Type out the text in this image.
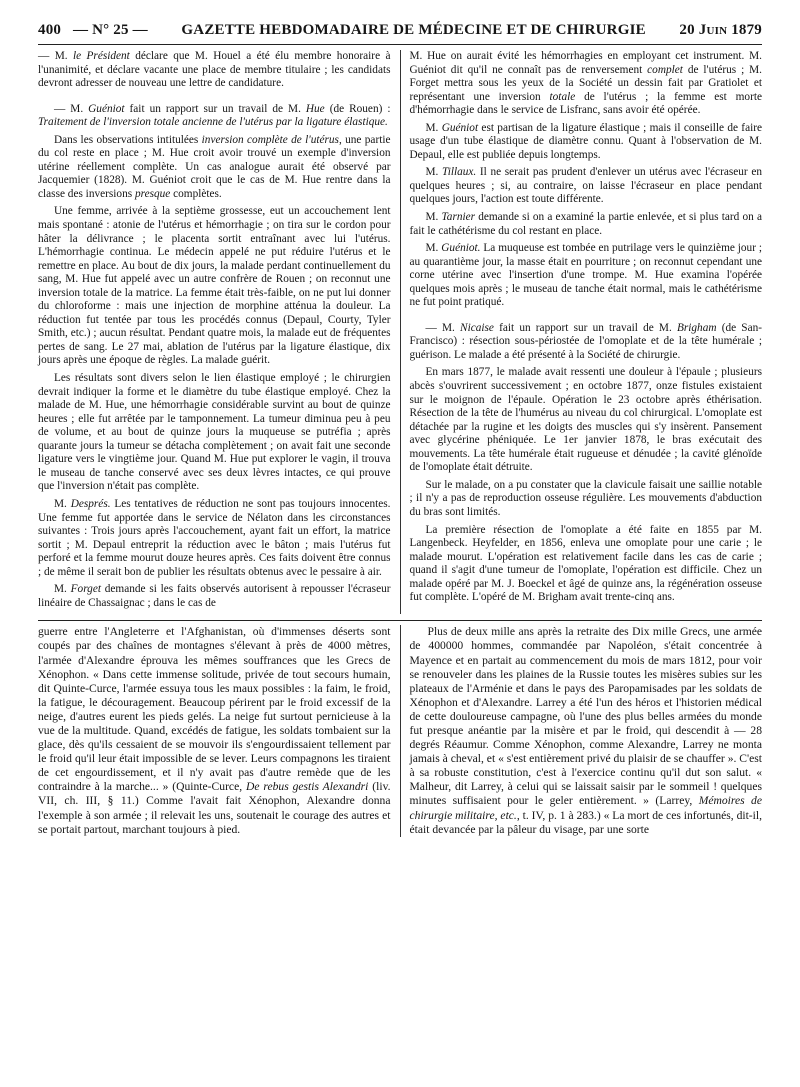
400 — N° 25 —	GAZETTE HEBDOMADAIRE DE MÉDECINE ET DE CHIRURGIE	20 Juin 1879

— M. le Président déclare que M. Houel a été élu membre honoraire à l'unanimité, et déclare vacante une place de membre titulaire ; les candidats devront adresser de nouveau une lettre de candidature.

— M. Guéniot fait un rapport sur un travail de M. Hue (de Rouen) : Traitement de l'inversion totale ancienne de l'utérus par la ligature élastique.

Dans les observations intitulées inversion complète de l'utérus, une partie du col reste en place ; M. Hue croit avoir trouvé un exemple d'inversion utérine réellement complète. Un cas analogue aurait été observé par Jacquemier (1828). M. Guéniot croit que le cas de M. Hue rentre dans la classe des inversions presque complètes.

Une femme, arrivée à la septième grossesse, eut un accouchement lent mais spontané : atonie de l'utérus et hémorrhagie ; on tira sur le cordon pour hâter la délivrance ; le placenta sortit entraînant avec lui l'utérus. L'hémorrhagie continua. Le médecin appelé ne put réduire l'utérus et le remettre en place. Au bout de dix jours, la malade perdant continuellement du sang, M. Hue fut appelé avec un autre confrère de Rouen ; on reconnut une inversion totale de la matrice. La femme était très-faible, on ne put lui donner du chloroforme : mais une injection de morphine atténua la douleur. La réduction fut tentée par tous les procédés connus (Depaul, Courty, Tyler Smith, etc.) ; aucun résultat. Pendant quatre mois, la malade eut de fréquentes pertes de sang. Le 27 mai, ablation de l'utérus par la ligature élastique, dix jours après une époque de règles. La malade guérit.

Les résultats sont divers selon le lien élastique employé ; le chirurgien devrait indiquer la forme et le diamètre du tube élastique employé. Chez la malade de M. Hue, une hémorrhagie considérable survint au bout de quinze heures ; elle fut arrêtée par le tamponnement. La tumeur diminua peu à peu de volume, et au bout de quinze jours la muqueuse se putréfia ; après quarante jours la tumeur se détacha complètement ; on avait fait une seconde ligature vers le vingtième jour. Quand M. Hue put explorer le vagin, il trouva le museau de tanche conservé avec ses deux lèvres intactes, ce qui prouve que l'inversion n'était pas complète.

M. Després. Les tentatives de réduction ne sont pas toujours innocentes. Une femme fut apportée dans le service de Nélaton dans les circonstances suivantes : Trois jours après l'accouchement, ayant fait un effort, la matrice sortit ; M. Depaul entreprit la réduction avec le bâton ; mais l'utérus fut perforé et la femme mourut douze heures après. Ces faits doivent être connus ; de même il serait bon de publier les résultats obtenus avec le pessaire à air.

M. Forget demande si les faits observés autorisent à repousser l'écraseur linéaire de Chassaignac ; dans le cas de

M. Hue on aurait évité les hémorrhagies en employant cet instrument. M. Guéniot dit qu'il ne connaît pas de renversement complet de l'utérus ; M. Forget mettra sous les yeux de la Société un dessin fait par Gratiolet et représentant une inversion totale de l'utérus ; la femme est morte d'hémorrhagie dans le service de Lisfranc, sans avoir été opérée.

M. Guéniot est partisan de la ligature élastique ; mais il conseille de faire usage d'un tube élastique de diamètre connu. Quant à l'observation de M. Depaul, elle est publiée depuis longtemps.

M. Tillaux. Il ne serait pas prudent d'enlever un utérus avec l'écraseur en quelques heures ; si, au contraire, on laisse l'écraseur en place pendant quelques jours, l'action est toute différente.

M. Tarnier demande si on a examiné la partie enlevée, et si plus tard on a fait le cathétérisme du col restant en place.

M. Guéniot. La muqueuse est tombée en putrilage vers le quinzième jour ; au quarantième jour, la masse était en pourriture ; on reconnut cependant une corne utérine avec l'insertion d'une trompe. M. Hue examina l'opérée quelques mois après ; le museau de tanche était normal, mais le cathétérisme ne fut point pratiqué.

— M. Nicaise fait un rapport sur un travail de M. Brigham (de San-Francisco) : résection sous-périostée de l'omoplate et de la tête humérale ; guérison. Le malade a été présenté à la Société de chirurgie.

En mars 1877, le malade avait ressenti une douleur à l'épaule ; plusieurs abcès s'ouvrirent successivement ; en octobre 1877, onze fistules existaient sur le moignon de l'épaule. Opération le 23 octobre après éthérisation. Résection de la tête de l'humérus au niveau du col chirurgical. L'omoplate est détachée par la rugine et les doigts des muscles qui s'y insèrent. Pansement avec glycérine phéniquée. Le 1er janvier 1878, le bras exécutait des mouvements. La tête humérale était rugueuse et dénudée ; la cavité glénoïde de l'omoplate était détruite.

Sur le malade, on a pu constater que la clavicule faisait une saillie notable ; il n'y a pas de reproduction osseuse régulière. Les mouvements d'abduction du bras sont limités.

La première résection de l'omoplate a été faite en 1855 par M. Langenbeck. Heyfelder, en 1856, enleva une omoplate pour une carie ; le malade mourut. L'opération est relativement facile dans les cas de carie ; quand il s'agit d'une tumeur de l'omoplate, l'opération est difficile. Chez un malade opéré par M. J. Boeckel et âgé de quinze ans, la régénération osseuse fut complète. L'opéré de M. Brigham avait trente-cinq ans.

guerre entre l'Angleterre et l'Afghanistan, où d'immenses déserts sont coupés par des chaînes de montagnes s'élevant à près de 4000 mètres, l'armée d'Alexandre éprouva les mêmes souffrances que les Grecs de Xénophon. « Dans cette immense solitude, privée de tout secours humain, dit Quinte-Curce, l'armée essuya tous les maux possibles : la faim, le froid, la fatigue, le découragement. Beaucoup périrent par le froid excessif de la neige, d'autres eurent les pieds gelés. La neige fut surtout pernicieuse à la vue de la multitude. Quand, excédés de fatigue, les soldats tombaient sur la glace, dès qu'ils cessaient de se mouvoir ils s'engourdissaient tellement par le froid qu'il leur était impossible de se lever. Leurs compagnons les tiraient de cet engourdissement, et il n'y avait pas d'autre remède que de les contraindre à la marche... » (Quinte-Curce, De rebus gestis Alexandri (liv. VII, ch. III, § 11.) Comme l'avait fait Xénophon, Alexandre donna l'exemple à son armée ; il relevait les uns, soutenait le courage des autres et se portait partout, marchant toujours à pied.

Plus de deux mille ans après la retraite des Dix mille Grecs, une armée de 400000 hommes, commandée par Napoléon, s'était concentrée à Mayence et en partait au commencement du mois de mars 1812, pour voir se renouveler dans les plaines de la Russie toutes les misères subies sur les plateaux de l'Arménie et dans le pays des Paropamisades par les soldats de Xénophon et d'Alexandre. Larrey a été l'un des héros et l'historien médical de cette douloureuse campagne, où l'une des plus belles armées du monde fut presque anéantie par la misère et par le froid, qui descendit à — 28 degrés Réaumur. Comme Xénophon, comme Alexandre, Larrey ne monta jamais à cheval, et « s'est entièrement privé du plaisir de se chauffer ». C'est à sa robuste constitution, c'est à l'exercice continu qu'il dut son salut. « Malheur, dit Larrey, à celui qui se laissait saisir par le sommeil ! quelques minutes suffisaient pour le geler entièrement. » (Larrey, Mémoires de chirurgie militaire, etc., t. IV, p. 1 à 283.) « La mort de ces infortunés, dit-il, était devancée par la pâleur du visage, par une sorte
